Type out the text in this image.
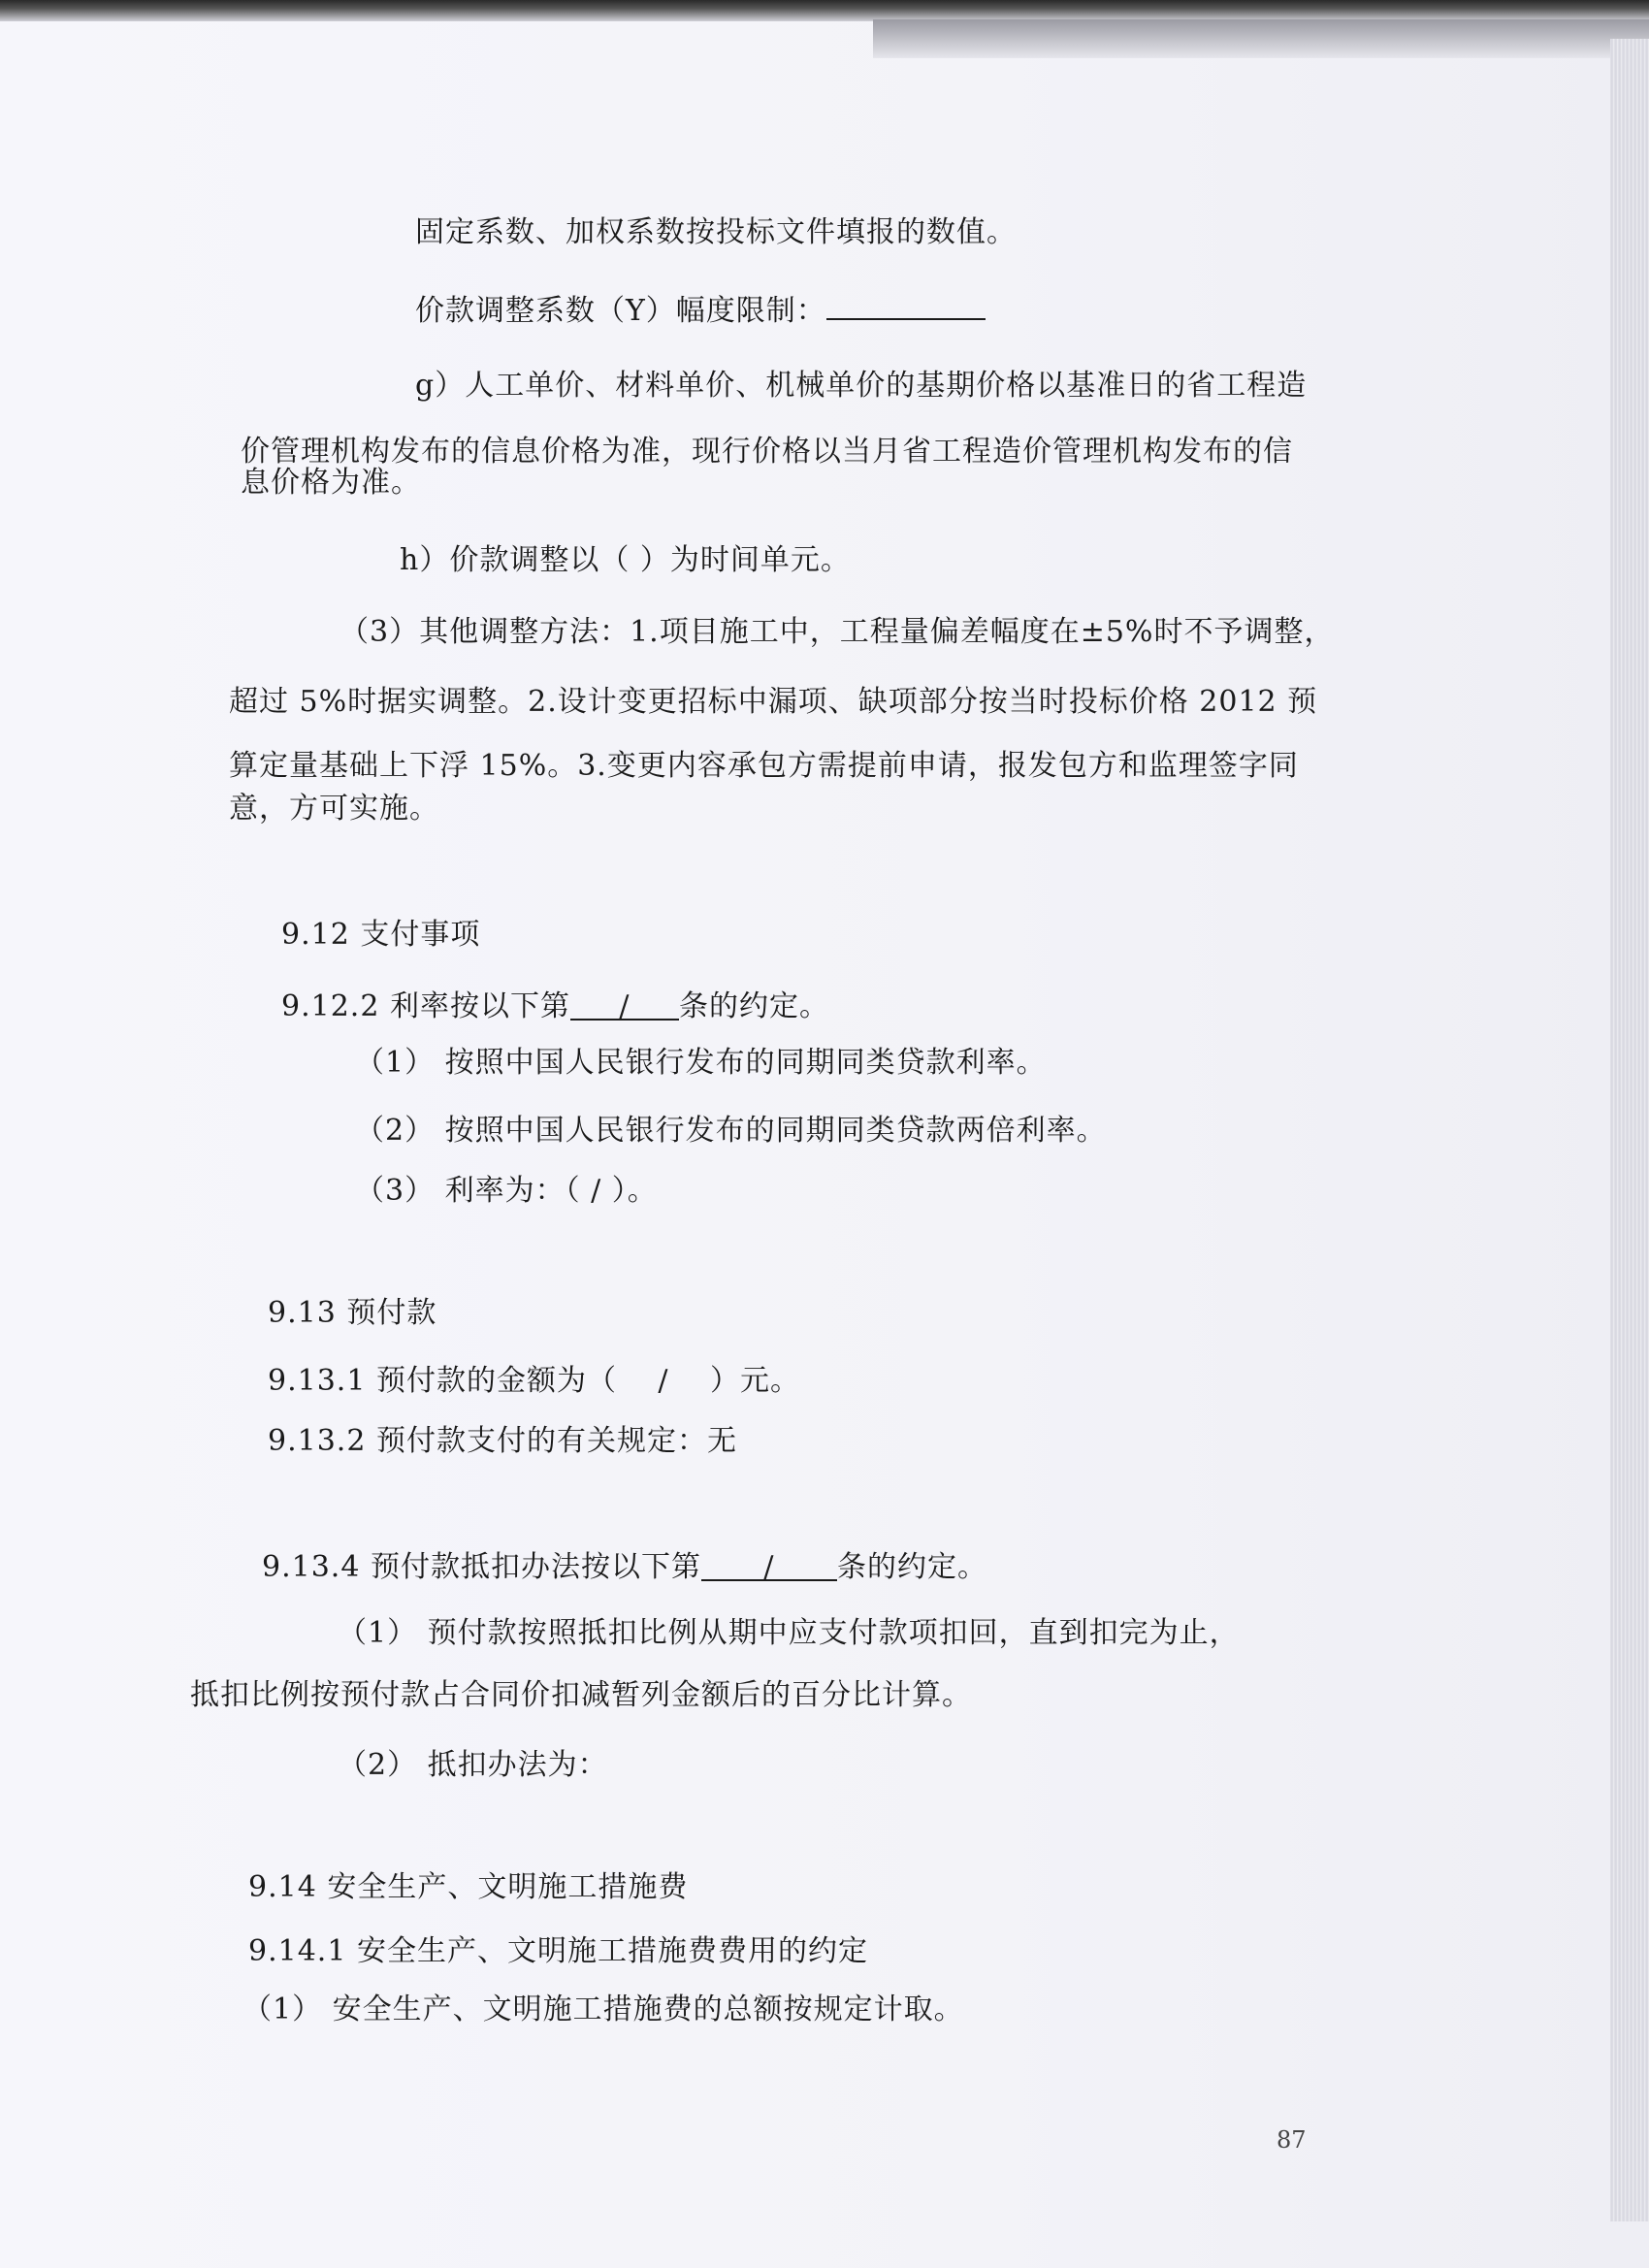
固定系数、加权系数按投标文件填报的数值。
价款调整系数（Y）幅度限制：
g）人工单价、材料单价、机械单价的基期价格以基准日的省工程造
价管理机构发布的信息价格为准，现行价格以当月省工程造价管理机构发布的信
息价格为准。
h）价款调整以（ ）为时间单元。
（3）其他调整方法：1.项目施工中，工程量偏差幅度在±5%时不予调整，
超过 5%时据实调整。2.设计变更招标中漏项、缺项部分按当时投标价格 2012 预
算定量基础上下浮 15%。3.变更内容承包方需提前申请，报发包方和监理签字同
意，方可实施。
9.12 支付事项
9.12.2 利率按以下第 / 条的约定。
（1） 按照中国人民银行发布的同期同类贷款利率。
（2） 按照中国人民银行发布的同期同类贷款两倍利率。
（3） 利率为：（ / ）。
9.13 预付款
9.13.1 预付款的金额为（ / ）元。
9.13.2 预付款支付的有关规定：无
9.13.4 预付款抵扣办法按以下第 / 条的约定。
（1） 预付款按照抵扣比例从期中应支付款项扣回，直到扣完为止，
抵扣比例按预付款占合同价扣减暂列金额后的百分比计算。
（2） 抵扣办法为：
9.14 安全生产、文明施工措施费
9.14.1 安全生产、文明施工措施费费用的约定
（1） 安全生产、文明施工措施费的总额按规定计取。
87
